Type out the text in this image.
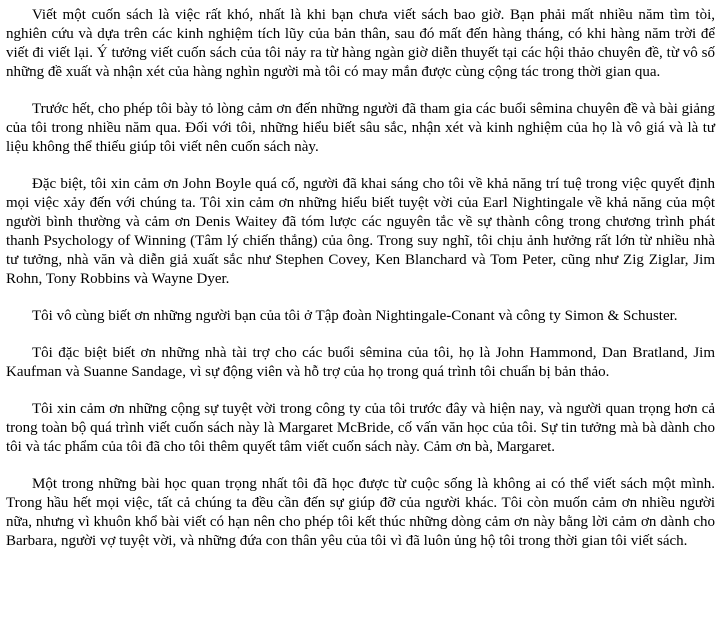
Viết một cuốn sách là việc rất khó, nhất là khi bạn chưa viết sách bao giờ. Bạn phải mất nhiều năm tìm tòi, nghiên cứu và dựa trên các kinh nghiệm tích lũy của bản thân, sau đó mất đến hàng tháng, có khi hàng năm trời để viết đi viết lại. Ý tưởng viết cuốn sách của tôi nảy ra từ hàng ngàn giờ diễn thuyết tại các hội thảo chuyên đề, từ vô số những đề xuất và nhận xét của hàng nghìn người mà tôi có may mắn được cùng cộng tác trong thời gian qua.

Trước hết, cho phép tôi bày tỏ lòng cảm ơn đến những người đã tham gia các buổi sêmina chuyên đề và bài giảng của tôi trong nhiều năm qua. Đối với tôi, những hiểu biết sâu sắc, nhận xét và kinh nghiệm của họ là vô giá và là tư liệu không thể thiếu giúp tôi viết nên cuốn sách này.

Đặc biệt, tôi xin cảm ơn John Boyle quá cố, người đã khai sáng cho tôi về khả năng trí tuệ trong việc quyết định mọi việc xảy đến với chúng ta. Tôi xin cảm ơn những hiểu biết tuyệt vời của Earl Nightingale về khả năng của một người bình thường và cảm ơn Denis Waitey đã tóm lược các nguyên tắc về sự thành công trong chương trình phát thanh Psychology of Winning (Tâm lý chiến thắng) của ông. Trong suy nghĩ, tôi chịu ảnh hưởng rất lớn từ nhiều nhà tư tưởng, nhà văn và diễn giả xuất sắc như Stephen Covey, Ken Blanchard và Tom Peter, cũng như Zig Ziglar, Jim Rohn, Tony Robbins và Wayne Dyer.

Tôi vô cùng biết ơn những người bạn của tôi ở Tập đoàn Nightingale-Conant và công ty Simon & Schuster.

Tôi đặc biệt biết ơn những nhà tài trợ cho các buổi sêmina của tôi, họ là John Hammond, Dan Bratland, Jim Kaufman và Suanne Sandage, vì sự động viên và hỗ trợ của họ trong quá trình tôi chuẩn bị bản thảo.

Tôi xin cảm ơn những cộng sự tuyệt vời trong công ty của tôi trước đây và hiện nay, và người quan trọng hơn cả trong toàn bộ quá trình viết cuốn sách này là Margaret McBride, cố vấn văn học của tôi. Sự tin tưởng mà bà dành cho tôi và tác phẩm của tôi đã cho tôi thêm quyết tâm viết cuốn sách này. Cảm ơn bà, Margaret.

Một trong những bài học quan trọng nhất tôi đã học được từ cuộc sống là không ai có thể viết sách một mình. Trong hầu hết mọi việc, tất cả chúng ta đều cần đến sự giúp đỡ của người khác. Tôi còn muốn cảm ơn nhiều người nữa, nhưng vì khuôn khổ bài viết có hạn nên cho phép tôi kết thúc những dòng cảm ơn này bằng lời cảm ơn dành cho Barbara, người vợ tuyệt vời, và những đứa con thân yêu của tôi vì đã luôn ủng hộ tôi trong thời gian tôi viết sách.
